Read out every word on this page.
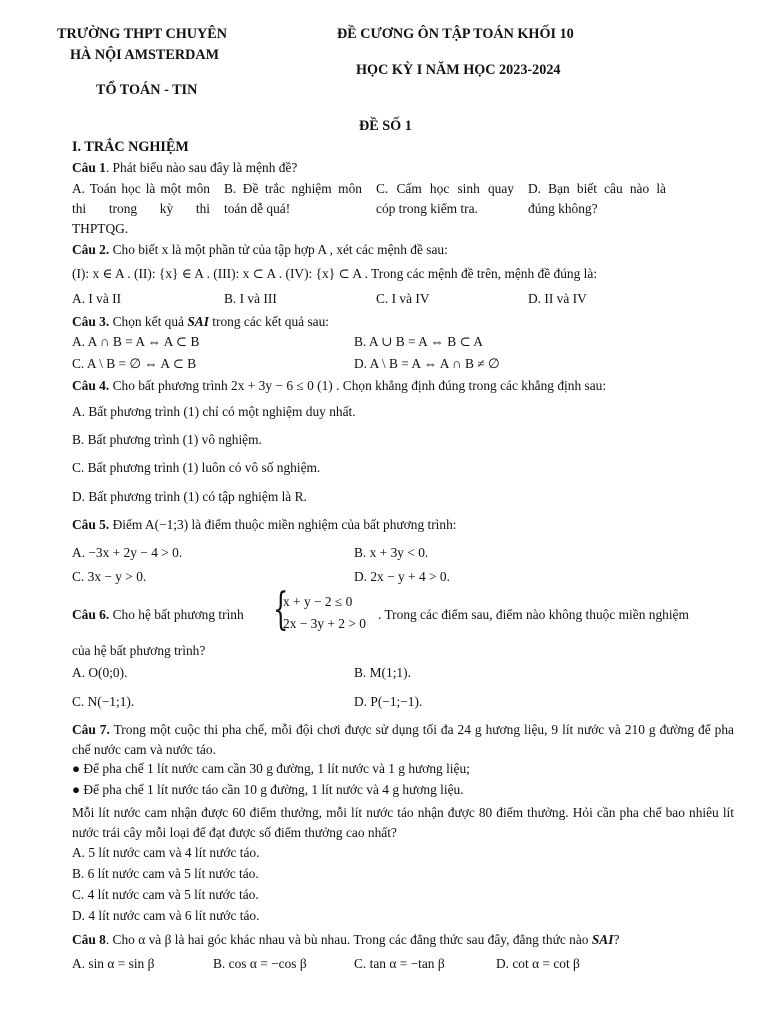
TRƯỜNG THPT CHUYÊN
HÀ NỘI AMSTERDAM
TỔ TOÁN - TIN
ĐỀ CƯƠNG ÔN TẬP TOÁN KHỐI 10
HỌC KỲ I NĂM HỌC 2023-2024
ĐỀ SỐ 1
I. TRẮC NGHIỆM
Câu 1. Phát biểu nào sau đây là mệnh đề?
A. Toán học là một môn thi trong kỳ thi THPTQG.
B. Đề trắc nghiệm môn toán dễ quá!
C. Cấm học sinh quay cóp trong kiểm tra.
D. Bạn biết câu nào là đúng không?
Câu 2. Cho biết x là một phần tử của tập hợp A , xét các mệnh đề sau:
(I): x ∈ A . (II): {x} ∈ A . (III): x ⊂ A . (IV): {x} ⊂ A . Trong các mệnh đề trên, mệnh đề đúng là:
A. I và II	B. I và III	C. I và IV	D. II và IV
Câu 3. Chọn kết quả SAI trong các kết quả sau:
A. A ∩ B = A ⇔ A ⊂ B	B. A ∪ B = A ⇔ B ⊂ A
C. A \ B = ∅ ⇔ A ⊂ B	D. A \ B = A ⇔ A ∩ B ≠ ∅
Câu 4. Cho bất phương trình 2x + 3y − 6 ≤ 0 (1) . Chọn khẳng định đúng trong các khẳng định sau:
A. Bất phương trình (1) chỉ có một nghiệm duy nhất.
B. Bất phương trình (1) vô nghiệm.
C. Bất phương trình (1) luôn có vô số nghiệm.
D. Bất phương trình (1) có tập nghiệm là R.
Câu 5. Điểm A(−1;3) là điểm thuộc miền nghiệm của bất phương trình:
A. −3x + 2y − 4 > 0.	B. x + 3y < 0.
C. 3x − y > 0.	D. 2x − y + 4 > 0.
Câu 6. Cho hệ bất phương trình {
x + y − 2 ≤ 0
2x − 3y + 2 > 0
. Trong các điểm sau, điểm nào không thuộc miền nghiệm
của hệ bất phương trình?
A. O(0;0).	B. M(1;1).
C. N(−1;1).	D. P(−1;−1).
Câu 7. Trong một cuộc thi pha chế, mỗi đội chơi được sử dụng tối đa 24 g hương liệu, 9 lít nước và 210 g đường để pha chế nước cam và nước táo.
● Để pha chế 1 lít nước cam cần 30 g đường, 1 lít nước và 1 g hương liệu;
● Để pha chế 1 lít nước táo cần 10 g đường, 1 lít nước và 4 g hương liệu.
Mỗi lít nước cam nhận được 60 điểm thưởng, mỗi lít nước táo nhận được 80 điểm thưởng. Hỏi cần pha chế bao nhiêu lít nước trái cây mỗi loại để đạt được số điểm thưởng cao nhất?
A. 5 lít nước cam và 4 lít nước táo.
B. 6 lít nước cam và 5 lít nước táo.
C. 4 lít nước cam và 5 lít nước táo.
D. 4 lít nước cam và 6 lít nước táo.
Câu 8. Cho α và β là hai góc khác nhau và bù nhau. Trong các đẳng thức sau đây, đẳng thức nào SAI?
A. sin α = sin β	B. cos α = −cos β	C. tan α = −tan β	D. cot α = cot β
